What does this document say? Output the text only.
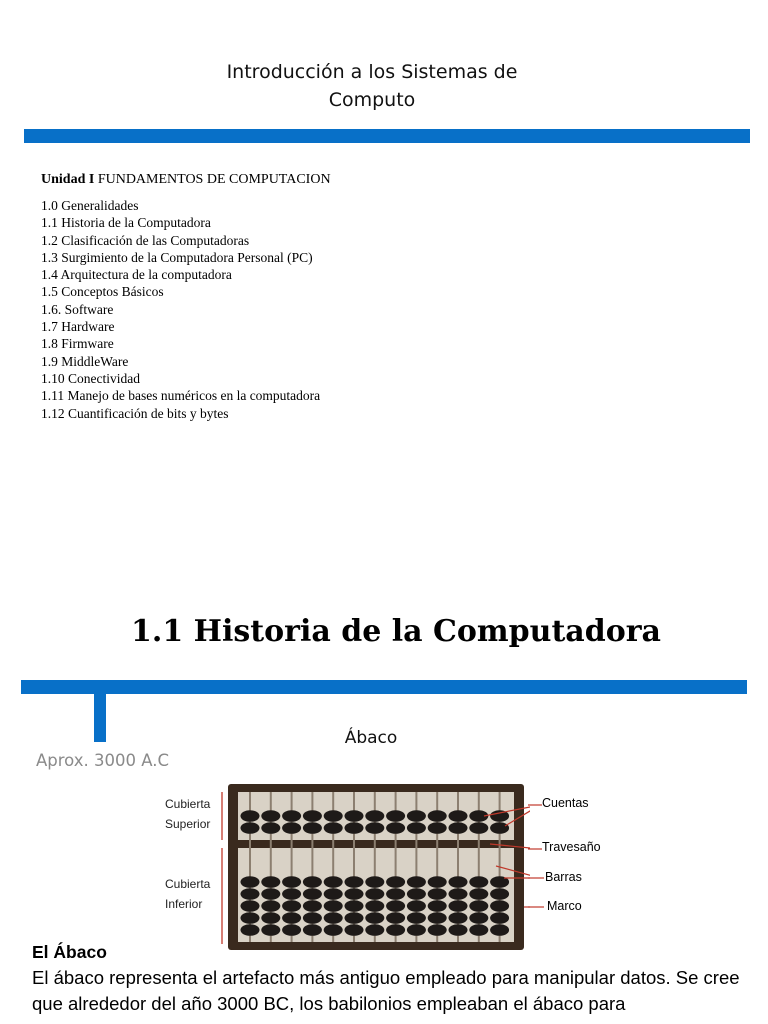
Introducción a los Sistemas de
Computo
Unidad I FUNDAMENTOS DE COMPUTACION
1.0 Generalidades
1.1 Historia de la Computadora
1.2 Clasificación de las Computadoras
1.3 Surgimiento de la Computadora Personal (PC)
1.4 Arquitectura de la computadora
1.5 Conceptos Básicos
1.6. Software
1.7 Hardware
1.8 Firmware
1.9 MiddleWare
1.10 Conectividad
1.11 Manejo de bases numéricos en la computadora
1.12 Cuantificación de bits y bytes
1.1 Historia de la Computadora
Ábaco
Aprox. 3000 A.C
Cubierta
Superior
Cubierta
Inferior
Cuentas
Travesaño
Barras
Marco
El Ábaco
El ábaco representa el artefacto más antiguo empleado para manipular datos. Se cree que alrededor del año 3000 BC, los babilonios empleaban el ábaco para
